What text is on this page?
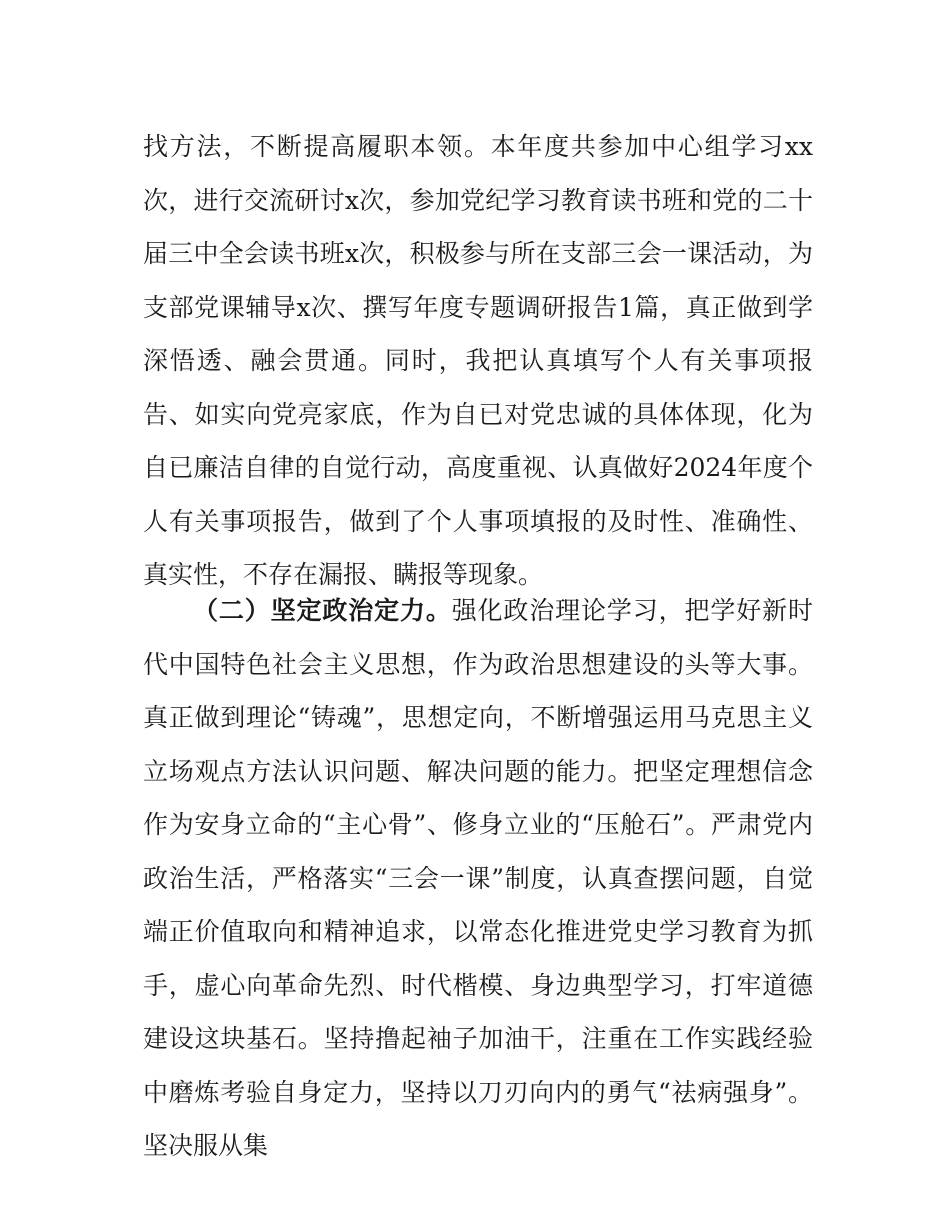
找方法，不断提高履职本领。本年度共参加中心组学习xx次，进行交流研讨x次，参加党纪学习教育读书班和党的二十届三中全会读书班x次，积极参与所在支部三会一课活动，为支部党课辅导x次、撰写年度专题调研报告1篇，真正做到学深悟透、融会贯通。同时，我把认真填写个人有关事项报告、如实向党亮家底，作为自已对党忠诚的具体体现，化为自已廉洁自律的自觉行动，高度重视、认真做好2024年度个人有关事项报告，做到了个人事项填报的及时性、准确性、真实性，不存在漏报、瞒报等现象。

（二）坚定政治定力。强化政治理论学习，把学好新时代中国特色社会主义思想，作为政治思想建设的头等大事。真正做到理论“铸魂”，思想定向，不断增强运用马克思主义立场观点方法认识问题、解决问题的能力。把坚定理想信念作为安身立命的“主心骨”、修身立业的“压舱石”。严肃党内政治生活，严格落实“三会一课”制度，认真查摆问题，自觉端正价值取向和精神追求，以常态化推进党史学习教育为抓手，虚心向革命先烈、时代楷模、身边典型学习，打牢道德建设这块基石。坚持撸起袖子加油干，注重在工作实践经验中磨炼考验自身定力，坚持以刀刃向内的勇气“祛病强身”。坚决服从集
